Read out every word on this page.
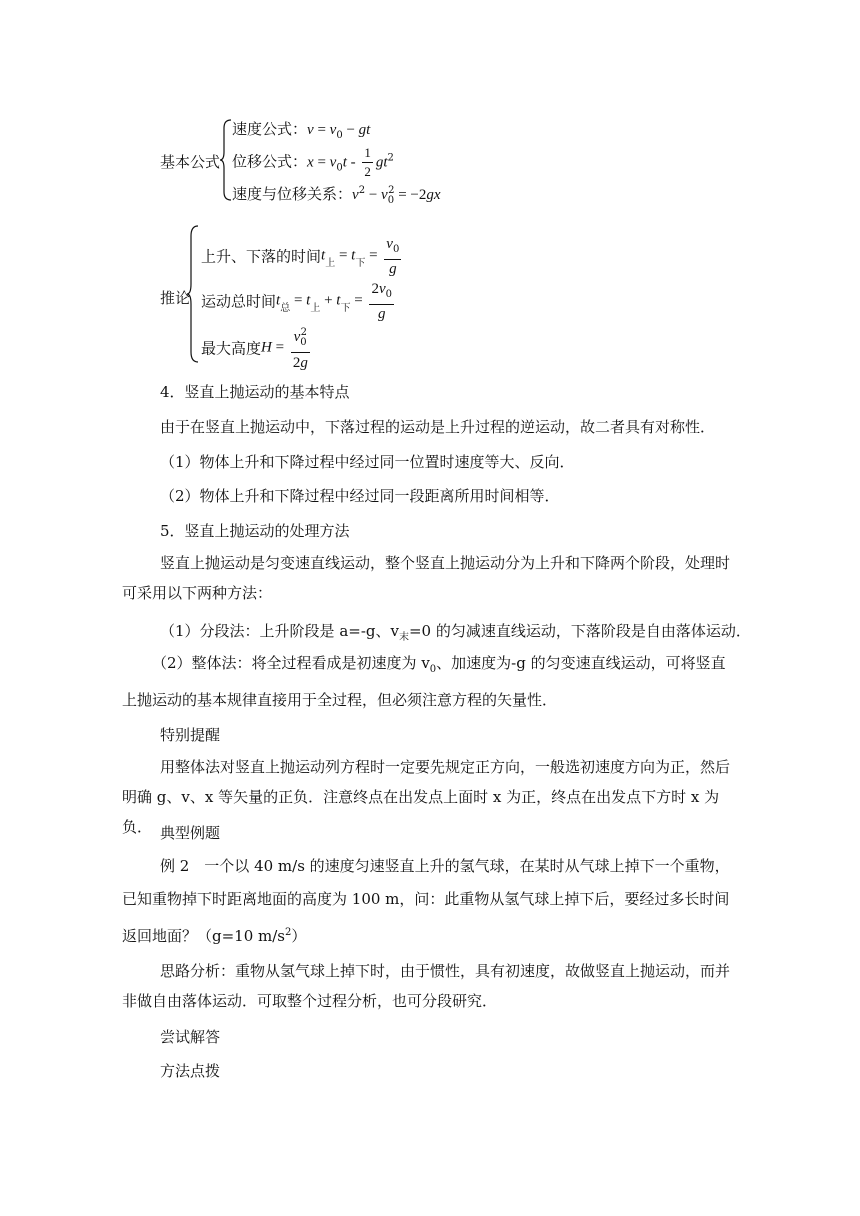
基本公式
速度公式：$v = v_0$ − gt
位移公式：$x = v_0t - \frac{1}{2} gt^2$
速度与位移关系：$v^2 - v_0^2 = -2gx$
推论
上升、下落的时间$t_上 = t_下 = \frac{v_0}{g}$
运动总时间$t_总 = t_上 + t_下 = \frac{2v_0}{g}$
最大高度$H = \frac{v_0^2}{2g}$
4．竖直上抛运动的基本特点
由于在竖直上抛运动中，下落过程的运动是上升过程的逆运动，故二者具有对称性．
（1）物体上升和下降过程中经过同一位置时速度等大、反向．
（2）物体上升和下降过程中经过同一段距离所用时间相等．
5．竖直上抛运动的处理方法
竖直上抛运动是匀变速直线运动，整个竖直上抛运动分为上升和下降两个阶段，处理时可采用以下两种方法：
（1）分段法：上升阶段是 a=-g、$v_末=0$ 的匀减速直线运动，下落阶段是自由落体运动．
（2）整体法：将全过程看成是初速度为 $v_0$、加速度为-g 的匀变速直线运动，可将竖直上抛运动的基本规律直接用于全过程，但必须注意方程的矢量性．
特别提醒
用整体法对竖直上抛运动列方程时一定要先规定正方向，一般选初速度方向为正，然后明确 g、v、x 等矢量的正负．注意终点在出发点上面时 x 为正，终点在出发点下方时 x 为负． 典型例题
例 2　一个以 40 m/s 的速度匀速竖直上升的氢气球，在某时从气球上掉下一个重物，已知重物掉下时距离地面的高度为 100 m，问：此重物从氢气球上掉下后，要经过多长时间返回地面？（g=10 $m/s^2$）
思路分析：重物从氢气球上掉下时，由于惯性，具有初速度，故做竖直上抛运动，而并非做自由落体运动．可取整个过程分析，也可分段研究．
尝试解答
方法点拨
